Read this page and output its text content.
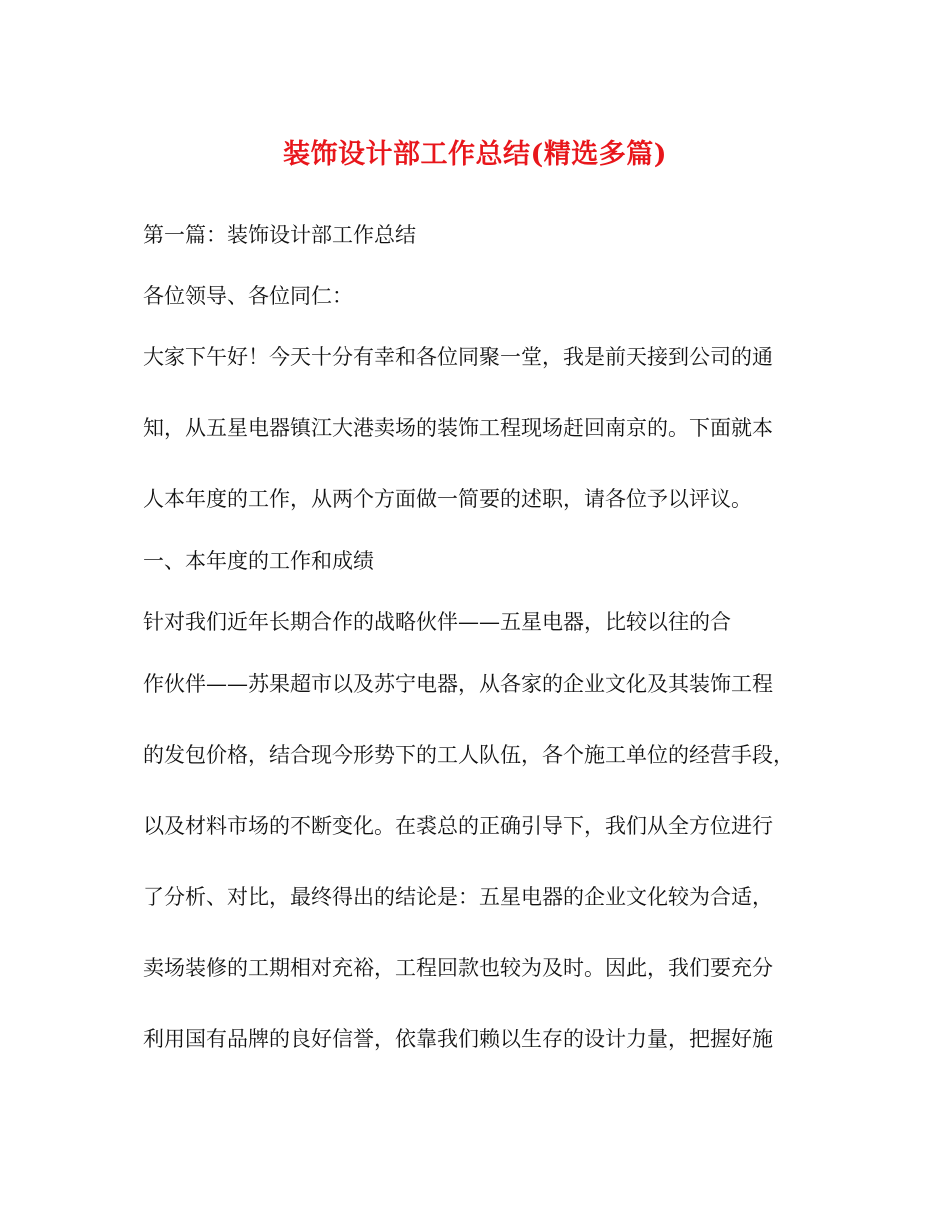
装饰设计部工作总结(精选多篇)
第一篇：装饰设计部工作总结
各位领导、各位同仁：
大家下午好！今天十分有幸和各位同聚一堂，我是前天接到公司的通
知，从五星电器镇江大港卖场的装饰工程现场赶回南京的。下面就本
人本年度的工作，从两个方面做一简要的述职，请各位予以评议。
一、本年度的工作和成绩
针对我们近年长期合作的战略伙伴——五星电器，比较以往的合
作伙伴——苏果超市以及苏宁电器，从各家的企业文化及其装饰工程
的发包价格，结合现今形势下的工人队伍，各个施工单位的经营手段，
以及材料市场的不断变化。在裘总的正确引导下，我们从全方位进行
了分析、对比，最终得出的结论是：五星电器的企业文化较为合适，
卖场装修的工期相对充裕，工程回款也较为及时。因此，我们要充分
利用国有品牌的良好信誉，依靠我们赖以生存的设计力量，把握好施
